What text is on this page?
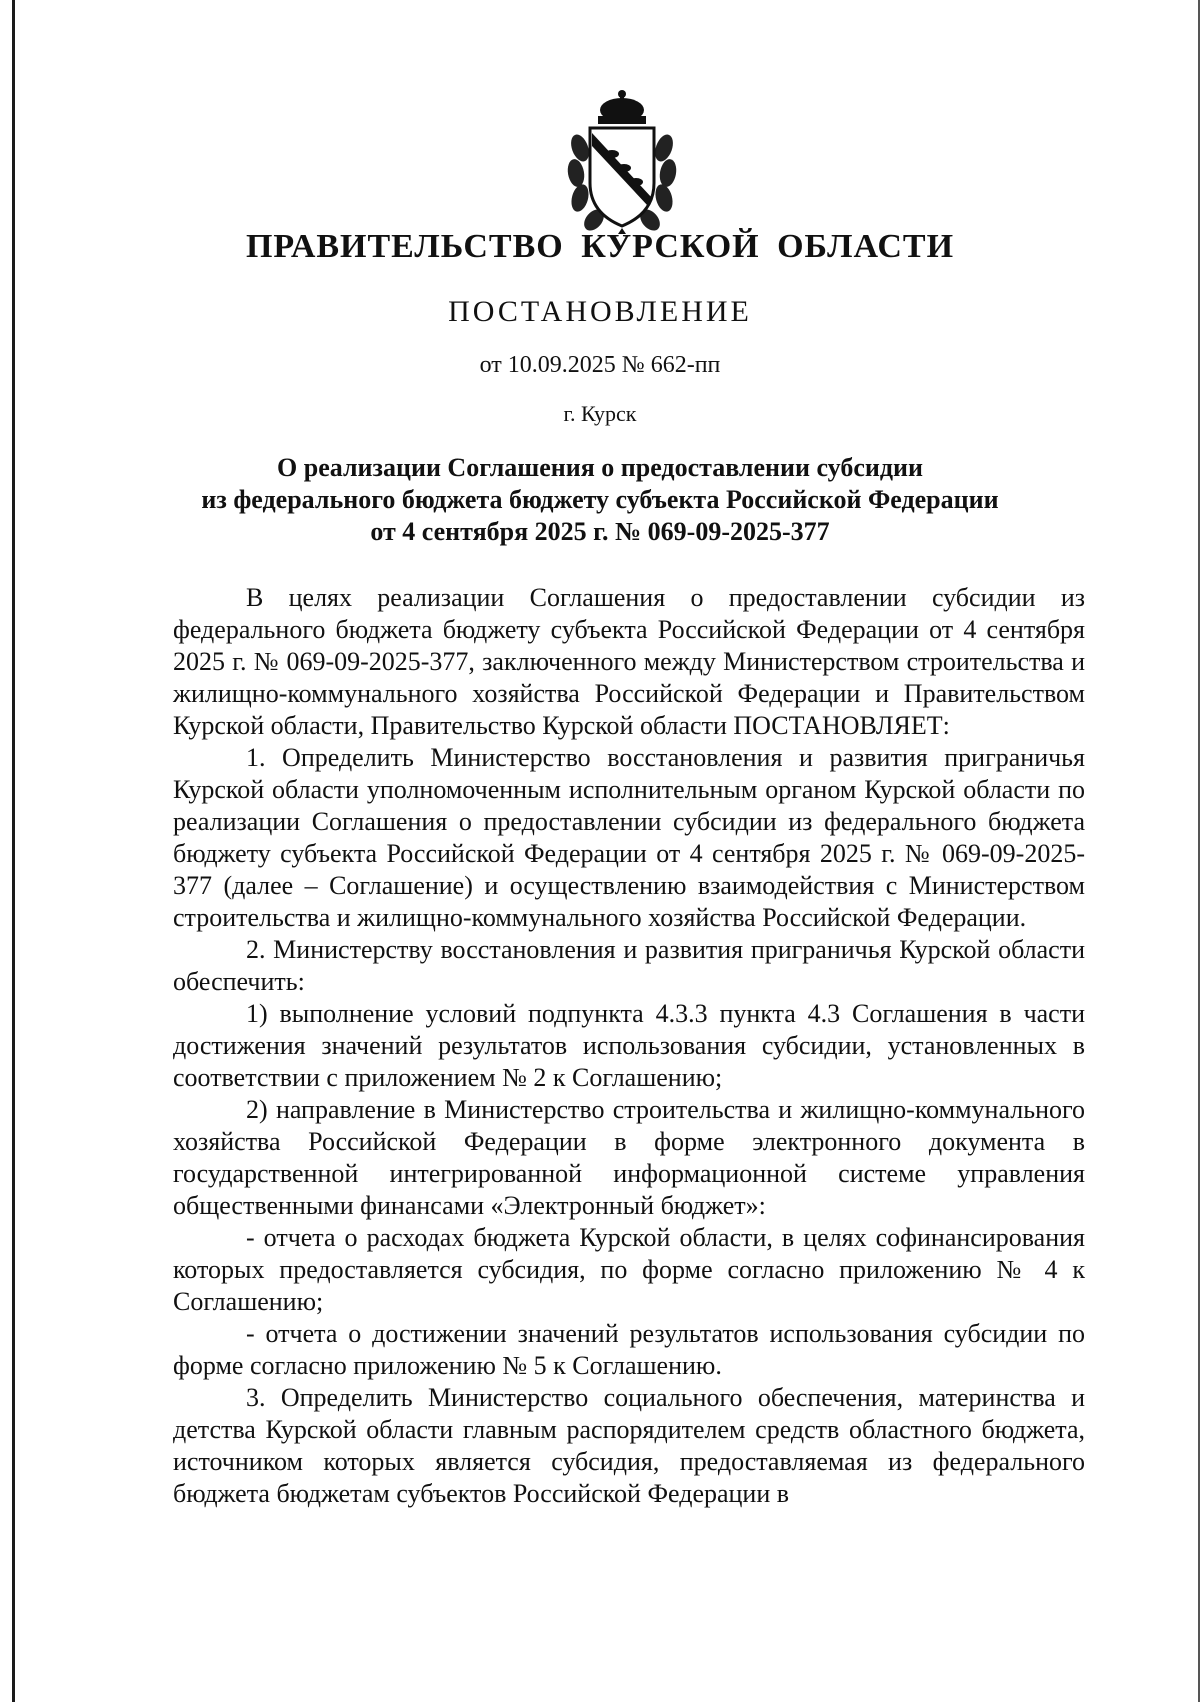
ПРАВИТЕЛЬСТВО КУРСКОЙ ОБЛАСТИ
ПОСТАНОВЛЕНИЕ
от 10.09.2025 № 662-пп
г. Курск
О реализации Соглашения о предоставлении субсидии
из федерального бюджета бюджету субъекта Российской Федерации
от 4 сентября 2025 г. № 069-09-2025-377

В целях реализации Соглашения о предоставлении субсидии из федерального бюджета бюджету субъекта Российской Федерации от 4 сентября 2025 г. № 069-09-2025-377, заключенного между Министерством строительства и жилищно-коммунального хозяйства Российской Федерации и Правительством Курской области, Правительство Курской области ПОСТАНОВЛЯЕТ:

1. Определить Министерство восстановления и развития приграничья Курской области уполномоченным исполнительным органом Курской области по реализации Соглашения о предоставлении субсидии из федерального бюджета бюджету субъекта Российской Федерации от 4 сентября 2025 г. № 069-09-2025-377 (далее – Соглашение) и осуществлению взаимодействия с Министерством строительства и жилищно-коммунального хозяйства Российской Федерации.

2. Министерству восстановления и развития приграничья Курской области обеспечить:

1) выполнение условий подпункта 4.3.3 пункта 4.3 Соглашения в части достижения значений результатов использования субсидии, установленных в соответствии с приложением № 2 к Соглашению;

2) направление в Министерство строительства и жилищно-коммунального хозяйства Российской Федерации в форме электронного документа в государственной интегрированной информационной системе управления общественными финансами «Электронный бюджет»:

- отчета о расходах бюджета Курской области, в целях софинансирования которых предоставляется субсидия, по форме согласно приложению № 4 к Соглашению;

- отчета о достижении значений результатов использования субсидии по форме согласно приложению № 5 к Соглашению.

3. Определить Министерство социального обеспечения, материнства и детства Курской области главным распорядителем средств областного бюджета, источником которых является субсидия, предоставляемая из федерального бюджета бюджетам субъектов Российской Федерации в
